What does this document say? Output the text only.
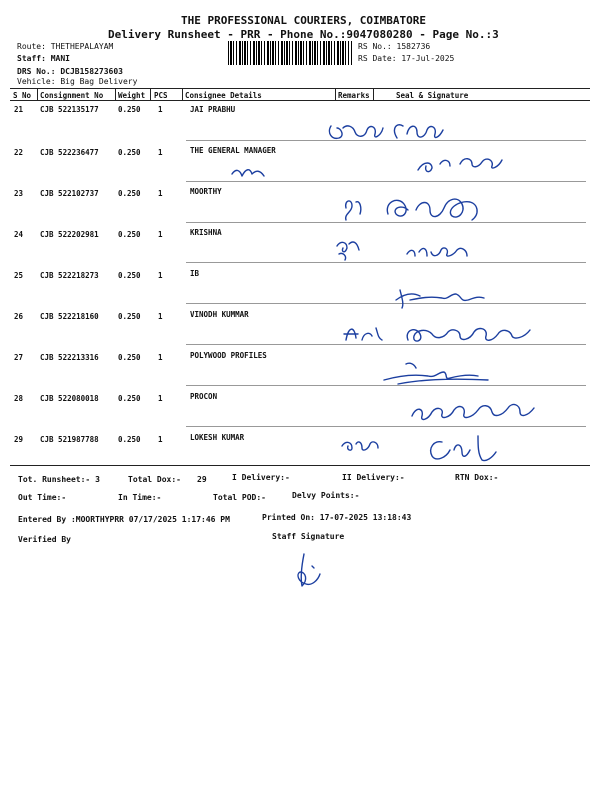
THE PROFESSIONAL COURIERS, COIMBATORE
Delivery Runsheet - PRR - Phone No.:9047080280 - Page No.:3
Route: THETHEPALAYAM
Staff: MANI
DRS No.: DCJB158273603
Vehicle: Big Bag Delivery
RS No.: 1582736
RS Date: 17-Jul-2025
S No Consignment No Weight PCS Consignee Details	Remarks	Seal & Signature
21 CJB 522135177	0.250 1	JAI PRABHU
22 CJB 522236477	0.250 1	THE GENERAL MANAGER
23 CJB 522102737	0.250 1	MOORTHY
24 CJB 522202981	0.250 1	KRISHNA
25 CJB 522218273	0.250 1	IB
26 CJB 522218160	0.250 1	VINODH KUMMAR
27 CJB 522213316	0.250 1	POLYWOOD PROFILES
28 CJB 522080018	0.250 1	PROCON
29 CJB 521987788	0.250 1	LOKESH KUMAR
Tot. Runsheet:- 3	Total Dox:- 29	I Delivery:-	II Delivery:-	RTN Dox:-
Out Time:-	In Time:-	Total POD:-	Delvy Points:-
Entered By :MOORTHYPRR 07/17/2025 1:17:46 PM	Printed On: 17-07-2025 13:18:43
Verified By	Staff Signature
